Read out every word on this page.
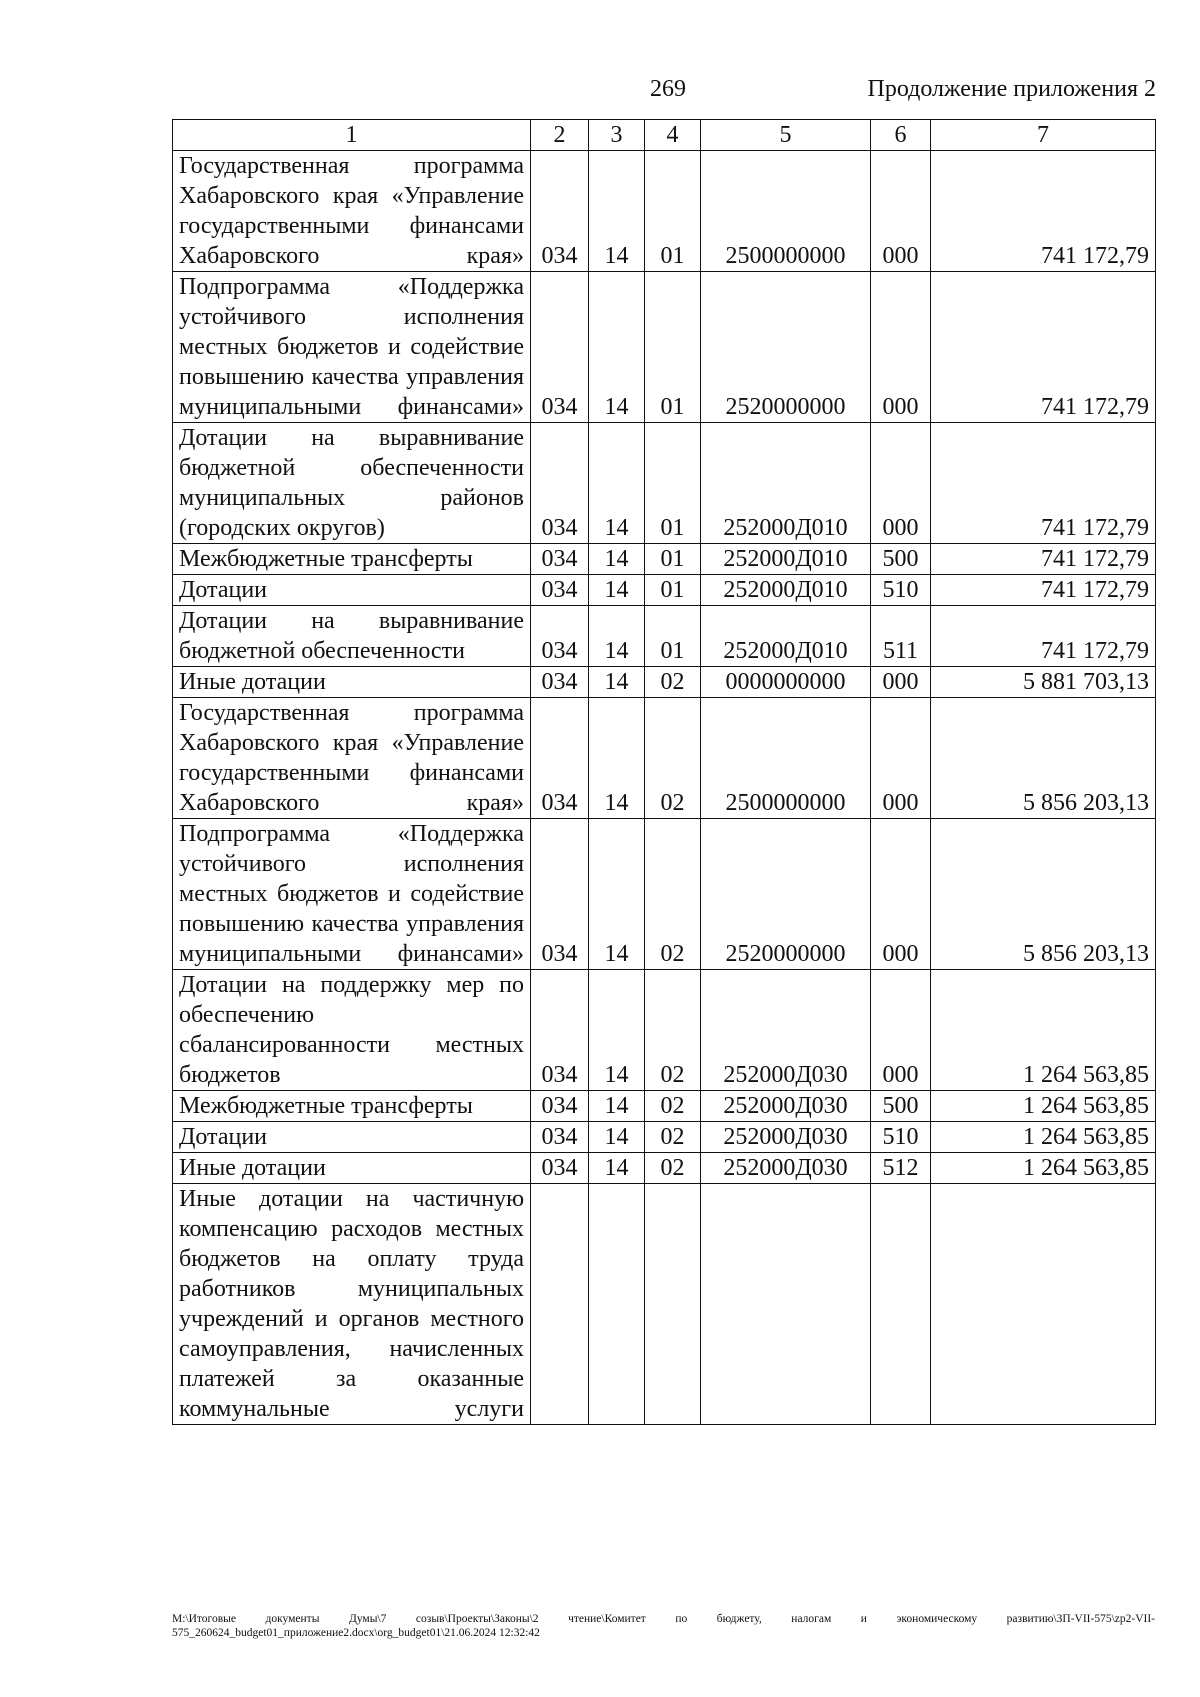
269	Продолжение приложения 2
1	2	3	4	5	6	7
Государственная программа Хабаровского края «Управление государственными финансами Хабаровского края»	034	14	01	2500000000	000	741 172,79
Подпрограмма «Поддержка устойчивого исполнения местных бюджетов и содействие повышению качества управления муниципальными финансами»	034	14	01	2520000000	000	741 172,79
Дотации на выравнивание бюджетной обеспеченности муниципальных районов (городских округов)	034	14	01	252000Д010	000	741 172,79
Межбюджетные трансферты	034	14	01	252000Д010	500	741 172,79
Дотации	034	14	01	252000Д010	510	741 172,79
Дотации на выравнивание бюджетной обеспеченности	034	14	01	252000Д010	511	741 172,79
Иные дотации	034	14	02	0000000000	000	5 881 703,13
Государственная программа Хабаровского края «Управление государственными финансами Хабаровского края»	034	14	02	2500000000	000	5 856 203,13
Подпрограмма «Поддержка устойчивого исполнения местных бюджетов и содействие повышению качества управления муниципальными финансами»	034	14	02	2520000000	000	5 856 203,13
Дотации на поддержку мер по обеспечению сбалансированности местных бюджетов	034	14	02	252000Д030	000	1 264 563,85
Межбюджетные трансферты	034	14	02	252000Д030	500	1 264 563,85
Дотации	034	14	02	252000Д030	510	1 264 563,85
Иные дотации	034	14	02	252000Д030	512	1 264 563,85
Иные дотации на частичную компенсацию расходов местных бюджетов на оплату труда работников муниципальных учреждений и органов местного самоуправления, начисленных платежей за оказанные коммунальные услуги						
M:\Итоговые документы Думы\7 созыв\Проекты\Законы\2 чтение\Комитет по бюджету, налогам и экономическому развитию\ЗП-VII-575\zp2-VII-575_260624_budget01_приложение2.docx\org_budget01\21.06.2024 12:32:42
